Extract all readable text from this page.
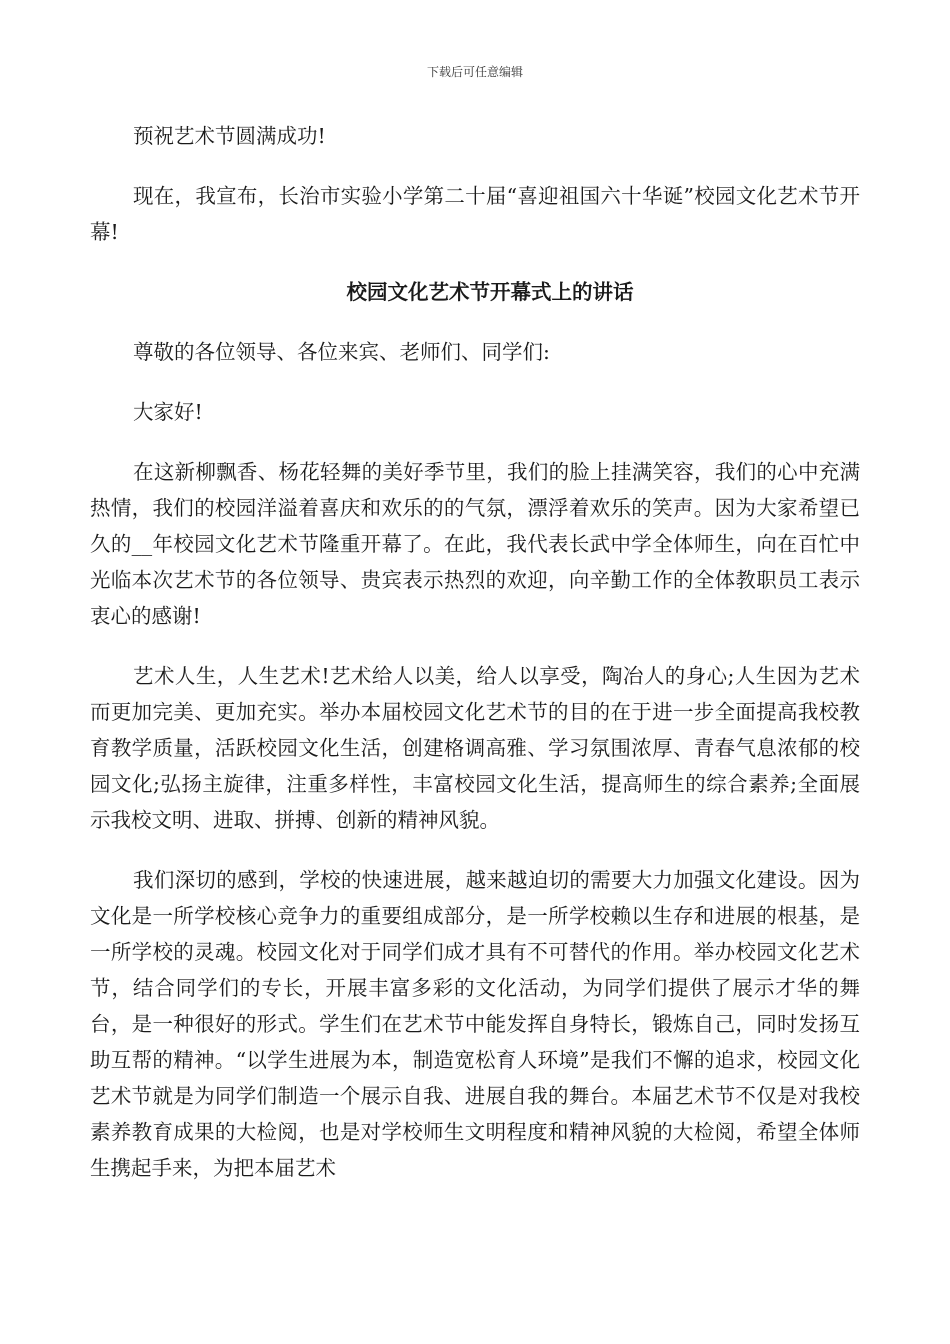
下载后可任意编辑

预祝艺术节圆满成功!

现在，我宣布，长治市实验小学第二十届“喜迎祖国六十华诞”校园文化艺术节开幕!

校园文化艺术节开幕式上的讲话

尊敬的各位领导、各位来宾、老师们、同学们:

大家好!

在这新柳飘香、杨花轻舞的美好季节里，我们的脸上挂满笑容，我们的心中充满热情，我们的校园洋溢着喜庆和欢乐的的气氛，漂浮着欢乐的笑声。因为大家希望已久的__年校园文化艺术节隆重开幕了。在此，我代表长武中学全体师生，向在百忙中光临本次艺术节的各位领导、贵宾表示热烈的欢迎，向辛勤工作的全体教职员工表示衷心的感谢!

艺术人生，人生艺术!艺术给人以美，给人以享受，陶冶人的身心;人生因为艺术而更加完美、更加充实。举办本届校园文化艺术节的目的在于进一步全面提高我校教育教学质量，活跃校园文化生活，创建格调高雅、学习氛围浓厚、青春气息浓郁的校园文化;弘扬主旋律，注重多样性，丰富校园文化生活，提高师生的综合素养;全面展示我校文明、进取、拼搏、创新的精神风貌。

我们深切的感到，学校的快速进展，越来越迫切的需要大力加强文化建设。因为文化是一所学校核心竞争力的重要组成部分，是一所学校赖以生存和进展的根基，是一所学校的灵魂。校园文化对于同学们成才具有不可替代的作用。举办校园文化艺术节，结合同学们的专长，开展丰富多彩的文化活动，为同学们提供了展示才华的舞台，是一种很好的形式。学生们在艺术节中能发挥自身特长，锻炼自己，同时发扬互助互帮的精神。“以学生进展为本，制造宽松育人环境”是我们不懈的追求，校园文化艺术节就是为同学们制造一个展示自我、进展自我的舞台。本届艺术节不仅是对我校素养教育成果的大检阅，也是对学校师生文明程度和精神风貌的大检阅，希望全体师生携起手来，为把本届艺术
